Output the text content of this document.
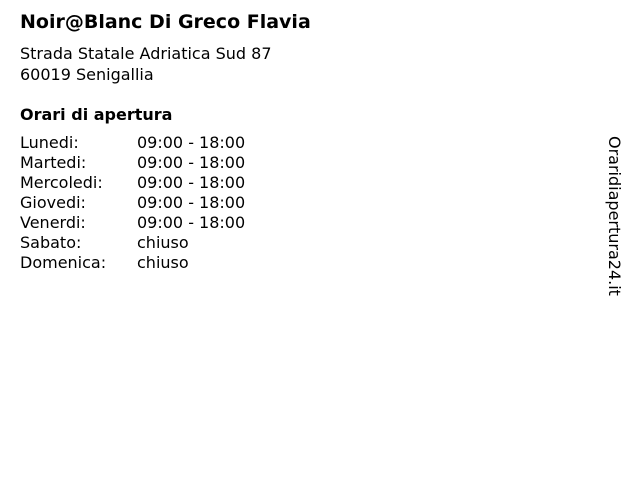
Noir@Blanc Di Greco Flavia
Strada Statale Adriatica Sud 87
60019 Senigallia
Orari di apertura
Lunedi:	09:00 - 18:00
Martedi:	09:00 - 18:00
Mercoledi:	09:00 - 18:00
Giovedi:	09:00 - 18:00
Venerdi:	09:00 - 18:00
Sabato:	chiuso
Domenica:	chiuso	Oraridiapertura24.it
